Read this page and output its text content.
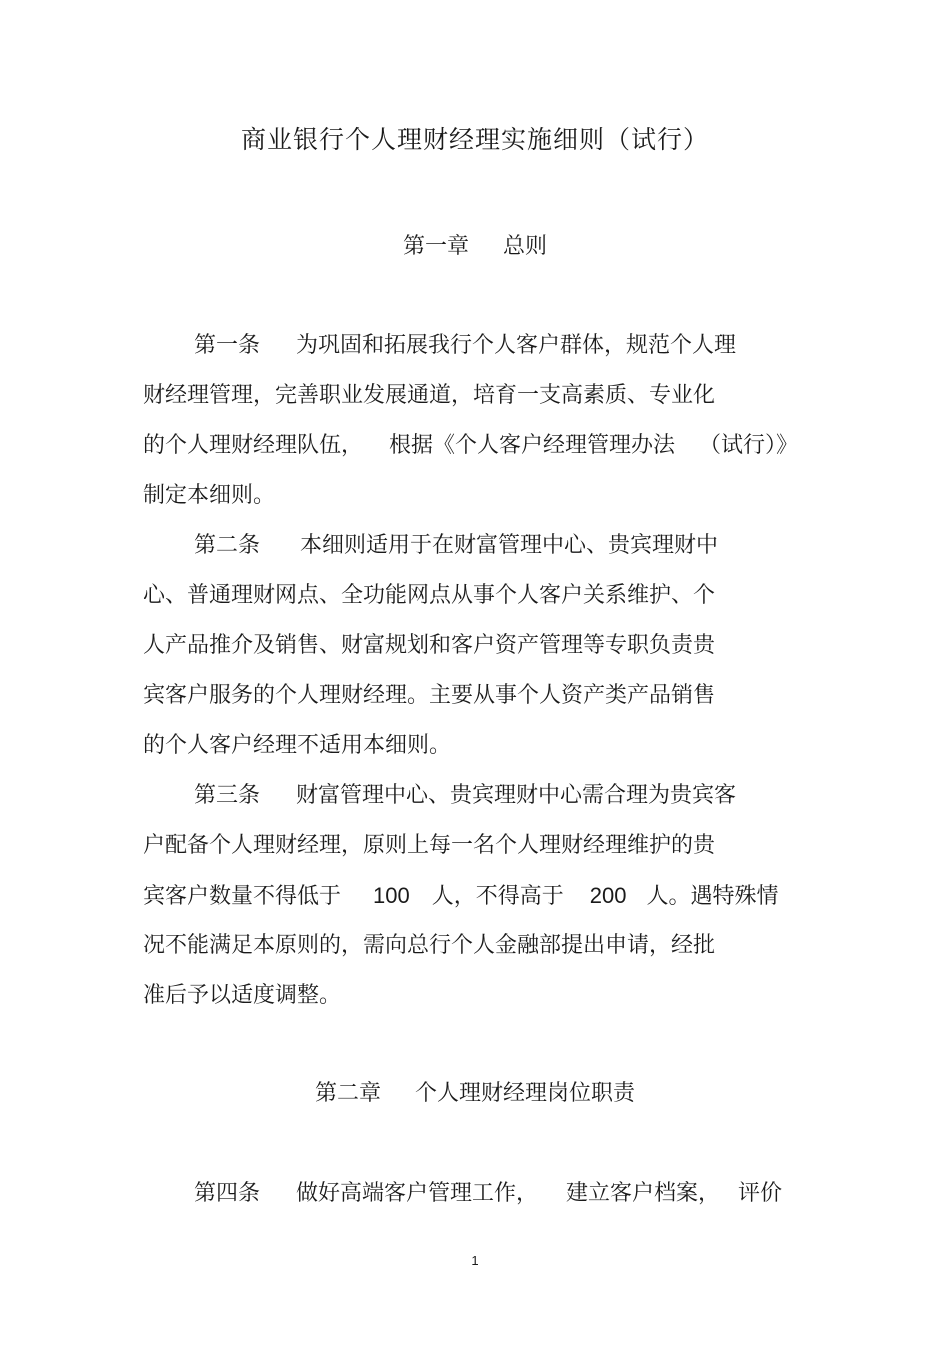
商业银行个人理财经理实施细则（试行）
第一章 总则
第一条 为巩固和拓展我行个人客户群体，规范个人理
财经理管理，完善职业发展通道，培育一支高素质、专业化
的个人理财经理队伍， 根据《个人客户经理管理办法 （试行）》
制定本细则。
第二条 本细则适用于在财富管理中心、贵宾理财中
心、普通理财网点、全功能网点从事个人客户关系维护、个
人产品推介及销售、财富规划和客户资产管理等专职负责贵
宾客户服务的个人理财经理。主要从事个人资产类产品销售
的个人客户经理不适用本细则。
第三条 财富管理中心、贵宾理财中心需合理为贵宾客
户配备个人理财经理，原则上每一名个人理财经理维护的贵
宾客户数量不得低于 100 人，不得高于 200 人。遇特殊情
况不能满足本原则的，需向总行个人金融部提出申请，经批
准后予以适度调整。
第二章 个人理财经理岗位职责
第四条 做好高端客户管理工作， 建立客户档案， 评价
1
